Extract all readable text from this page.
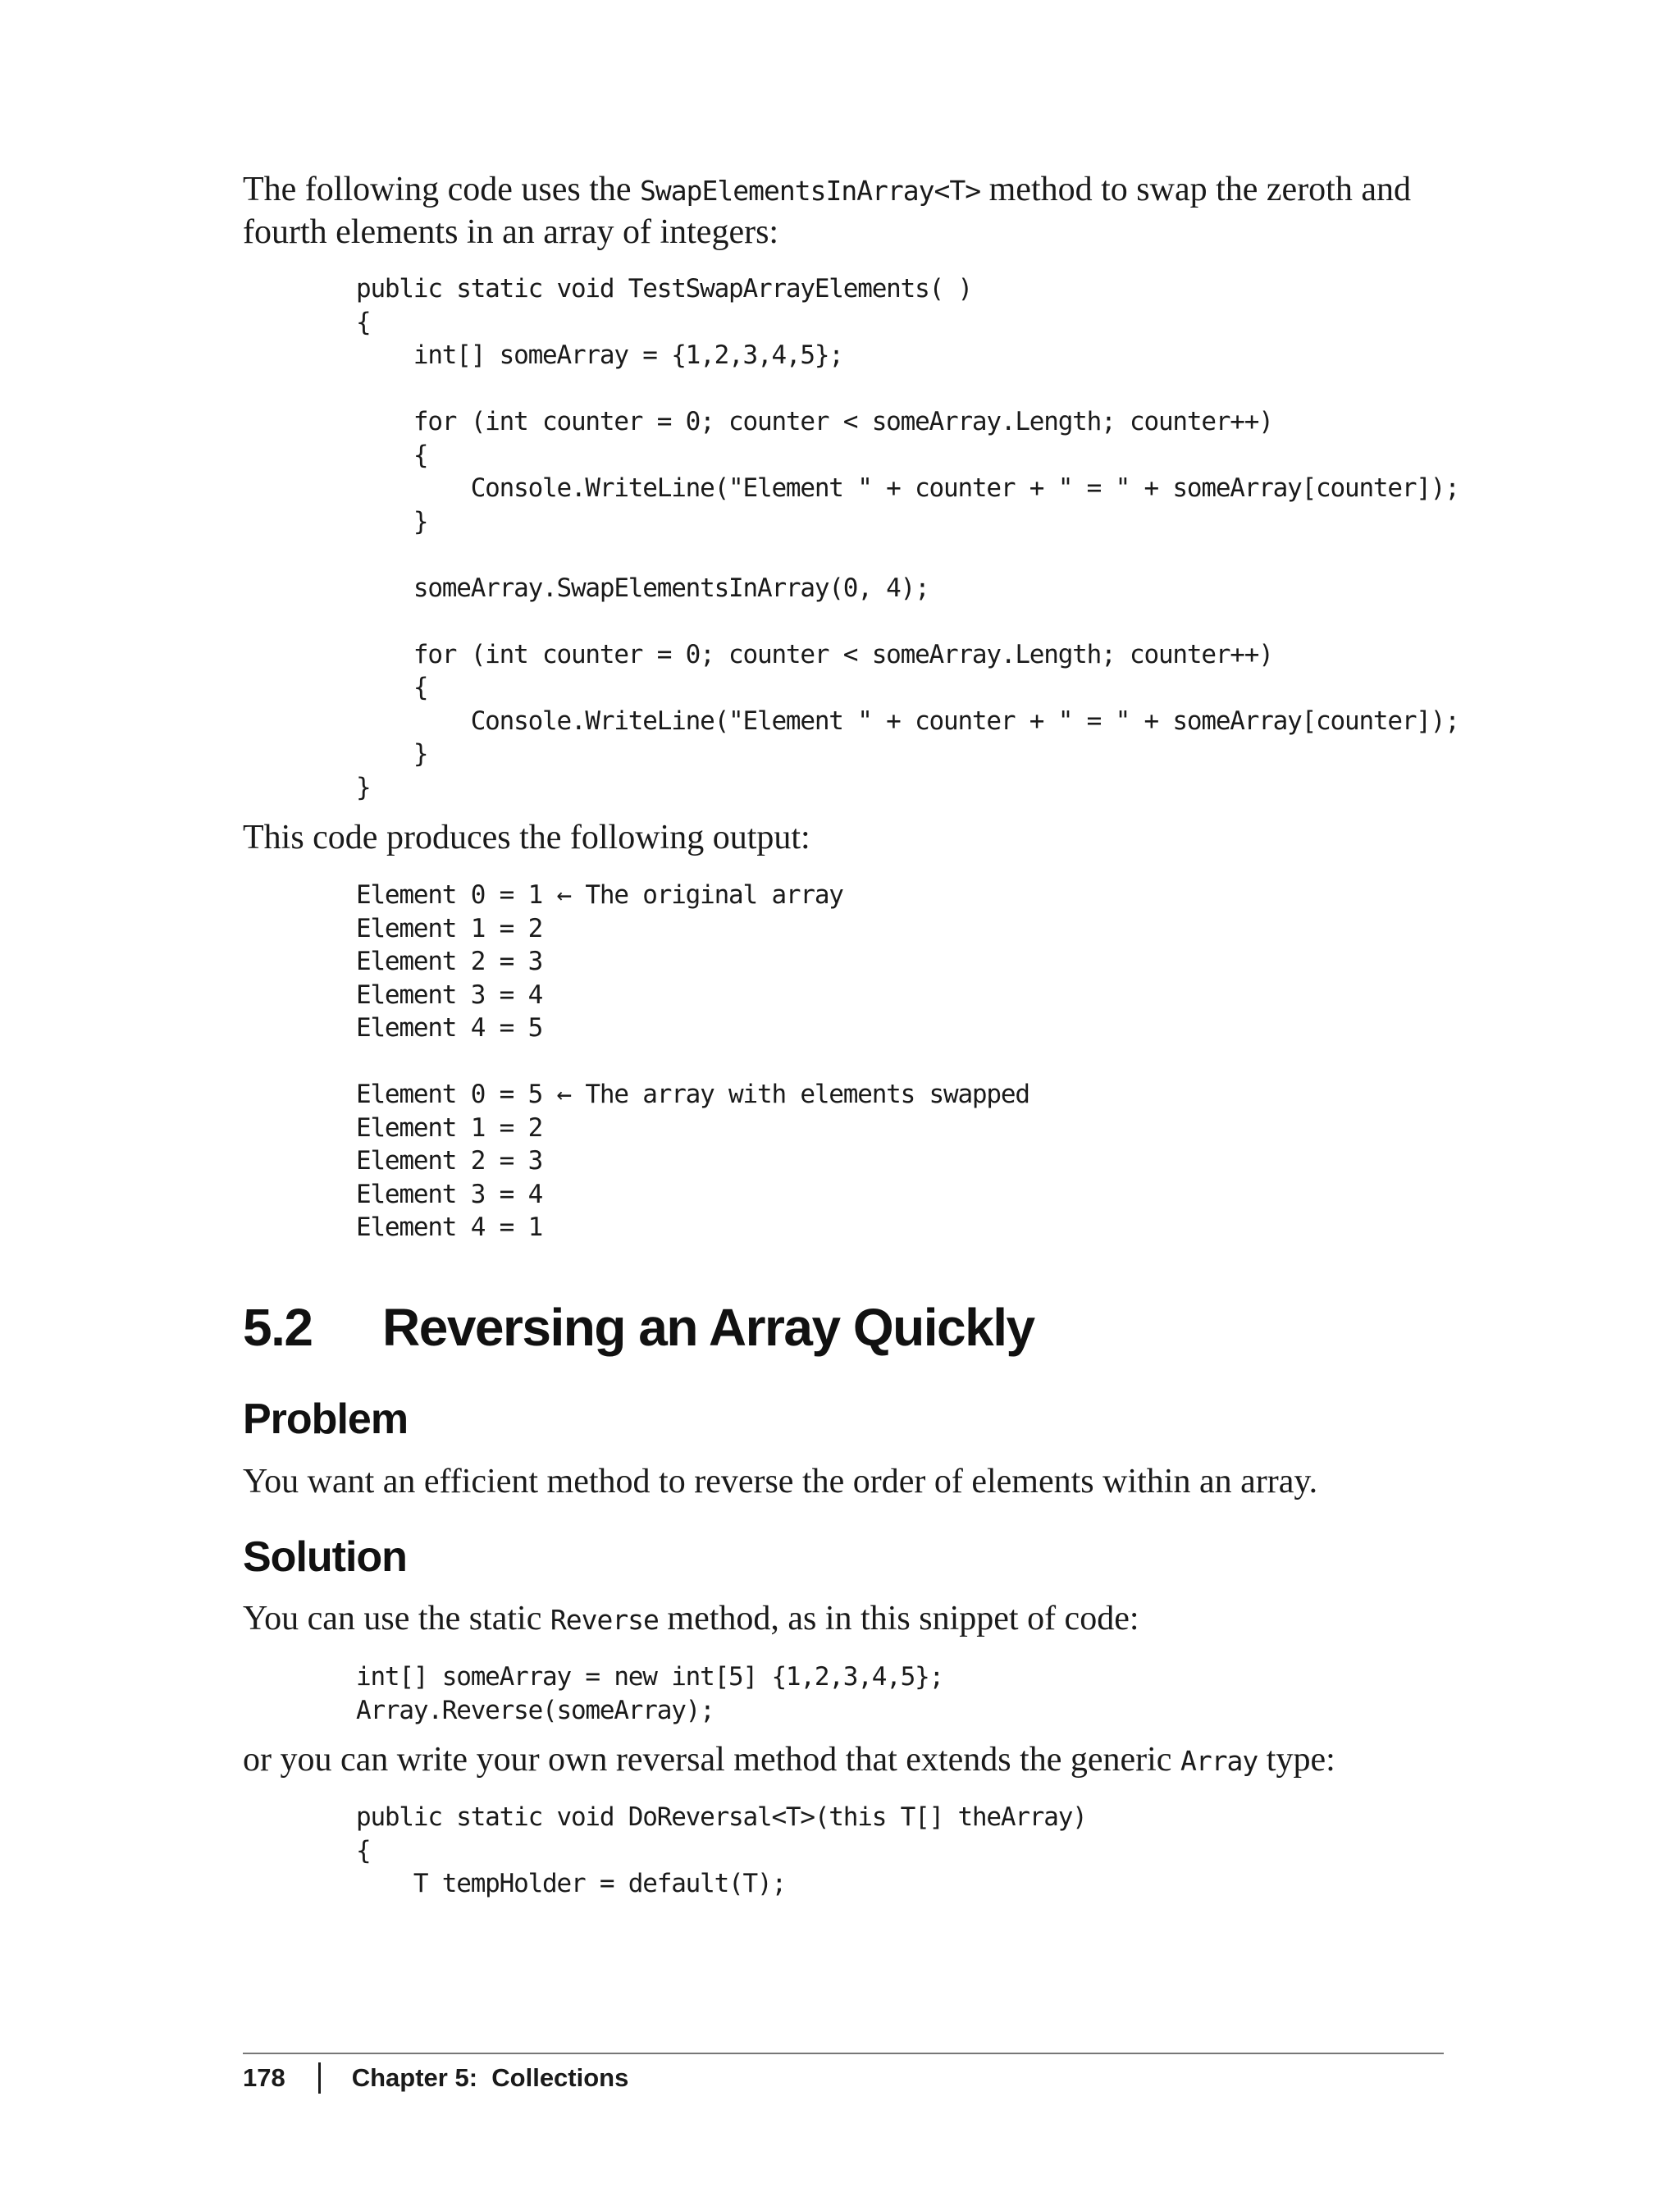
The following code uses the SwapElementsInArray<T> method to swap the zeroth and fourth elements in an array of integers:

public static void TestSwapArrayElements( )
{
int[] someArray = {1,2,3,4,5};

for (int counter = 0; counter < someArray.Length; counter++)
{
Console.WriteLine("Element " + counter + " = " + someArray[counter]);
}

someArray.SwapElementsInArray(0, 4);

for (int counter = 0; counter < someArray.Length; counter++)
{
Console.WriteLine("Element " + counter + " = " + someArray[counter]);
}
}

This code produces the following output:

Element 0 = 1 ← The original array
Element 1 = 2
Element 2 = 3
Element 3 = 4
Element 4 = 5

Element 0 = 5 ← The array with elements swapped
Element 1 = 2
Element 2 = 3
Element 3 = 4
Element 4 = 1
5.2 Reversing an Array Quickly
Problem

You want an efficient method to reverse the order of elements within an array.

Solution

You can use the static Reverse method, as in this snippet of code:

int[] someArray = new int[5] {1,2,3,4,5};
Array.Reverse(someArray);

or you can write your own reversal method that extends the generic Array type:

public static void DoReversal<T>(this T[] theArray)
{
T tempHolder = default(T);
178	Chapter 5:  Collections
